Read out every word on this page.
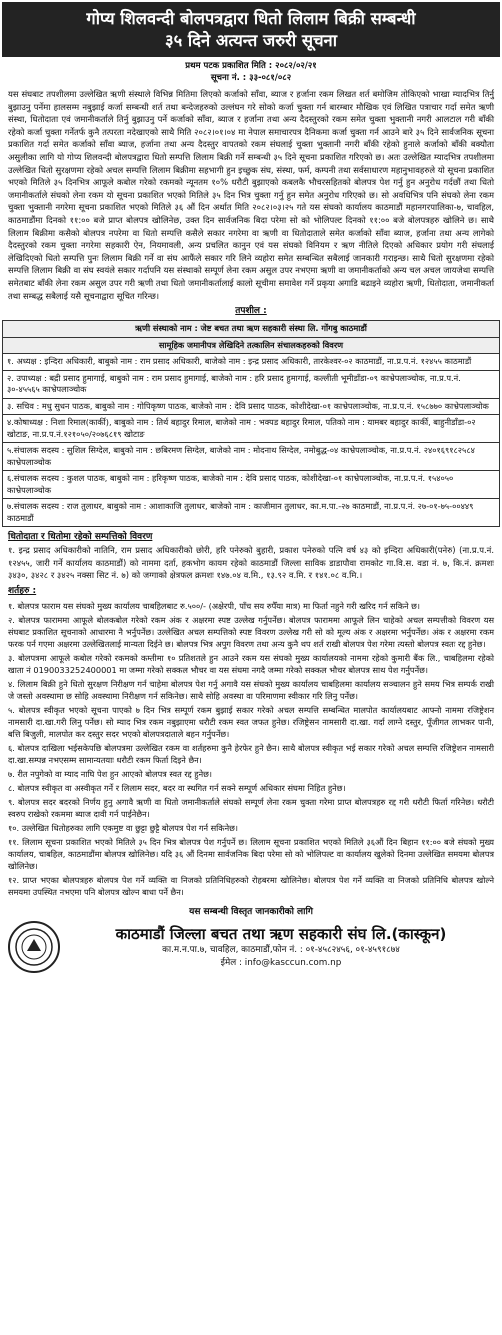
गोप्य शिलवन्दी बोलपत्रद्वारा धितो लिलाम बिक्री सम्बन्धी
३५ दिने अत्यन्त जरुरी सूचना
प्रथम पटक प्रकाशित मिति : २०८२/०२/२१
सूचना नं. : ३३-०८१/०८२
यस संघबाट तपशीलमा उल्लेखित ऋणी संस्थाले विभिन्न मितिमा लिएको कर्जाको साँवा, ब्याज र हर्जाना रकम लिखत शर्त बमोजिम तोकिएको भाखा म्यादभित्र तिर्नु बुझाउनु पर्नेमा हालसम्म नबुझाई कर्जा सम्बन्धी शर्त तथा बन्देजहरुको उल्लंघन गरे सोको कर्जा चुक्ता गर्न बारम्बार मौखिक एवं लिखित पत्राचार गर्दा समेत ऋणी संस्था, धितोदाता एवं जमानीकर्ताले तिर्नु बुझाउनु पर्ने कर्जाको साँवा, ब्याज र हर्जाना तथा अन्य दैदस्तुरको रकम समेत चुक्ता भुक्तानी नगरी आलटाल गरी बाँकी रहेको कर्जा चुक्ता गर्नेतर्फ कुनै तत्परता नदेखाएको साथै मिति २०८२।०१।०४ मा नेपाल समाचारपत्र दैनिकमा कर्जा चुक्ता गर्न आउने बारे ३५ दिने सार्वजनिक सूचना प्रकाशित गर्दा समेत कर्जाको साँवा ब्याज, हर्जाना तथा अन्य दैदस्तुर वापतको रकम संघलाई चुक्ता भुक्तानी नगरी बाँकी रहेको हुनाले कर्जाको बाँकी बक्यौता असुलीका लागि यो गोप्य शिलवन्दी बोलपत्रद्वारा धितो सम्पत्ति लिलाम बिक्री गर्ने सम्बन्धी ३५ दिने सूचना प्रकाशित गरिएको छ। अतः उल्लेखित म्यादभित्र तपशीलमा उल्लेखित धितो सुरक्षणमा रहेको अचल सम्पत्ति लिलाम बिक्रीमा सहभागी हुन इच्छुक संघ, संस्था, फर्म, कम्पनी तथा सर्वसाधारण महानुभावहरुले यो सूचना प्रकाशित भएको मितिले ३५ दिनभित्र आफूले कबोल गरेको रकमको न्यूनतम १०% धरौटी बुझाएको कबलकै भौचरसहितको बोलपत्र पेश गर्नु हुन अनुरोध गर्दछौं तथा धितो जमानीकर्ताले संघको लेना रकम यो सूचना प्रकाशित भएको मितिले ३५ दिन भित्र चुक्ता गर्नु हुन समेत अनुरोध गरिएको छ। सो अवधिभित्र पनि संघको लेना रकम चुक्ता भुक्तानी नगरेमा सूचना प्रकाशित भएको मितिले ३६ औं दिन अर्थात मिति २०८२।०३।२५ गते यस संघको कार्यालय काठमाडौं महानगरपालिका-७, चावहिल, काठमाडौंमा दिनको ११:०० बजे प्राप्त बोलपत्र खोलिनेछ, उक्त दिन सार्वजनिक बिदा परेमा सो को भोलिपल्ट दिनको ११:०० बजे बोलपत्रहरु खोलिने छ। साथै लिलाम बिक्रीमा कसैको बोलपत्र नपरेमा वा धितो सम्पत्ति कसैले सकार नगरेमा वा ऋणी वा धितोदाताले समेत कर्जाको साँवा ब्याज, हर्जाना तथा अन्य लागेको दैदस्तुरको रकम चुक्ता नगरेमा सहकारी ऐन, नियमावली, अन्य प्रचलित कानुन एवं यस संघको विनियम र ऋण नीतिले दिएको अधिकार प्रयोग गरी संघलाई लेखिदिएको धितो सम्पत्ति पुनः लिलाम बिक्री गर्ने वा संघ आफैंले सकार गरि लिने व्यहोरा समेत सम्बन्धित सबैलाई जानकारी गराइन्छ। साथै धितो सुरक्षणमा रहेको सम्पत्ति लिलाम बिक्री वा संघ स्वयंले सकार गर्दापनि यस संस्थाको सम्पूर्ण लेना रकम असुल उपर नभएमा ऋणी वा जमानीकर्ताको अन्य चल अचल जायजेथा सम्पत्ति समेतबाट बाँकी लेना रकम असुल उपर गरी ऋणी तथा धितो जमानीकर्तालाई कालो सूचीमा समावेश गर्ने प्रकृया अगाडि बढाइने व्यहोरा ऋणी, धितोदाता, जमानीकर्ता तथा सम्बद्ध सबैलाई यसै सूचनाद्वारा सूचित गरिन्छ।
तपशील :
ऋणी संस्थाको नाम : जेष्ट बचत तथा ऋण सहकारी संस्था लि. गोंगबु काठमाडौं
सामूहिक जमानीपत्र लेखिदिने तत्कालिन संचालकहरुको विवरण
१. अध्यक्ष : इन्दिरा अधिकारी, बाबुको नाम : राम प्रसाद अधिकारी, बाजेको नाम : इन्द्र प्रसाद अधिकारी, तारकेश्वर-०२ काठमाडौं, ना.प्र.प.नं. १२४५५ काठमाडौं
२. उपाध्यक्ष : बद्री प्रसाद हुमागाई, बाबुको नाम : राम प्रसाद हुमागाई, बाजेको नाम : हरि प्रसाद हुमागाई, कल्लीती भूमीडाँडा-०९ काभ्रेपलाञ्चोक, ना.प्र.प.नं. ३०-४५५६५ काभ्रेपलाञ्चोक
३. सचिव : मधु सुधन पाठक, बाबुको नाम : गोपिकृष्ण पाठक, बाजेको नाम : देवि प्रसाद पाठक, कोशीदेखा-०१ काभ्रेपलाञ्चोक, ना.प्र.प.नं. १५८७७० काभ्रेपलाञ्चोक
४.कोषाध्यक्ष : निशा रिमाल(कार्की), बाबुको नाम : तिर्थ बहादुर रिमाल, बाजेको नाम : भक्पड बहादुर रिमाल, पतिको नाम : यामबर बहादुर कार्की, बाहुनीडाँडा-०२ खोटाङ, ना.प्र.प.नं.१२१०५०/२०७६८१९ खोटाङ
५.संचालक सदस्य : सुशिल सिग्देल, बाबुको नाम : छबिरमण सिग्देल, बाजेको नाम : मोदनाथ सिग्देल, नमोबुद्ध-०४ काभ्रेपलाञ्चोक, ना.प्र.प.नं. २४०१६९१८२५८४ काभ्रेपलाञ्चोक
६.संचालक सदस्य : कुशल पाठक, बाबुको नाम : हरिकृष्ण पाठक, बाजेको नाम : देवि प्रसाद पाठक, कोशीदेखा-०१ काभ्रेपलाञ्चोक, ना.प्र.प.नं. १५४०५० काभ्रेपलाञ्चोक
७.संचालक सदस्य : राज तुलाधर, बाबुको नाम : आशाकाजि तुलाधर, बाजेको नाम : काजीमान तुलाधर, का.म.पा.-२७ काठमाडौं, ना.प्र.प.नं. २७-०१-७५-००४४९ काठमाडौं
धितोदाता र धितोमा रहेको सम्पत्तिको विवरण
१. इन्द्र प्रसाद अधिकारीको नातिनि, राम प्रसाद अधिकारीको छोरी, हरि पनेरुको बुहारी, प्रकाश पनेरुको पत्नि वर्ष ४३ को इन्दिरा अधिकारी(पनेरु) (ना.प्र.प.नं. १२४५५, जारी गर्ने कार्यालय काठमाडौं) को नाममा दर्ता, हकभोग कायम रहेको काठमाडौं जिल्ला साविक डाडापौवा रामकोट गा.वि.स. वडा नं. ७, कि.नं. क्रमशः ३४३०, ३४२८ र ३४२५ नक्सा सिट नं. ७) को जग्गाको क्षेत्रफल क्रमशः १४७.०४ व.मि., १३.९२ व.मि. र १४१.०८ व.मि.।
शर्तहरु :
१. बोलपत्र फाराम यस संघको मुख्य कार्यालय चाबहिलबाट रु.५००/- (अक्षेरपी, पाँच सय रुपैँया मात्र) मा फिर्ता नहुने गरी खरिद गर्न सकिने छ।
२. बोलपत्र फाराममा आफूले बोलकबोल गरेको रकम अंक र अक्षरमा स्पष्ट उल्लेख गर्नुपर्नेछ। बोलपत्र फाराममा आफूले लिन चाहेको अचल सम्पत्तीको विवरण यस संघबाट प्रकाशित सूचनाको आधारमा नै भर्नुपर्नेछ। उल्लेखित अचल सम्पत्तिको स्पष्ट विवरण उल्लेख गरी सो को मूल्य अंक र अक्षरमा भर्नुपर्नेछ। अंक र अक्षरमा रकम फरक पर्न गएमा अक्षरमा उल्लेखितलाई मान्यता दिईने छ। बोलपत्र भित्र अपुग विवरण तथा अन्य कुनै थप शर्त राखी बोलपत्र पेश गरेमा त्यस्तो बोलपत्र स्वतः रद्द हुनेछ।
३. बोलपत्रमा आफूले कबोल गरेको रकमको कम्तीमा १० प्रतिशतले हुन आउने रकम यस संघको मुख्य कार्यालयको नाममा रहेको कुमारी बैंक लि., चाबहिलमा रहेको खाता नं 0190033252400001 मा जम्मा गरेको सक्कल भौचर वा यस संघमा नगदै जम्मा गरेको सक्कल भौचर बोलपत्र साथ पेश गर्नुपर्नेछ।
४. लिलाम बिक्री हुने धितो सुरक्षण निरीक्षण गर्न चाहेमा बोलपत्र पेश गर्नु अगावै यस संघको मुख्य कार्यालय चाबहिलमा कार्यालय सञ्चालन हुने समय भित्र सम्पर्क राखी जे जस्तो अवस्थामा छ सोहि अवस्थामा निरीक्षण गर्न सकिनेछ। साथै सोहि अवस्था वा परिमाणमा स्वीकार गरि लिनु पर्नेछ।
५. बोलपत्र स्वीकृत भएको सूचना पाएको ७ दिन भित्र सम्पूर्ण रकम बुझाई सकार गरेको अचल सम्पत्ति सम्बन्धित मालपोत कार्यालयबाट आफ्नो नाममा रजिष्ट्रेशन नामसारी दा.खा.गरी लिनु पर्नेछ। सो म्याद भित्र रकम नबुझाएमा धरौटी रकम स्वत जफत हुनेछ। रजिष्ट्रेसन नामसारी दा.खा. गर्दा लाग्ने दस्तुर, पूँजीगत लाभकर पानी, बत्ति बिजुली, मालपोत कर दस्तुर सदर भएको बोलपत्रदाताले बहन गर्नुपर्नेछ।
६. बोलपत्र दाखिला भईसकेपछि बोलपत्रमा उल्लेखित रकम वा शर्तहरुमा कुनै हेरफेर हुने छैन। साथै बोलपत्र स्वीकृत भई सकार गरेको अचल सम्पत्ति रजिष्ट्रेशन नामसारी दा.खा.सम्पन्न नभएसम्म सामान्यतयाः धरौटी रकम फिर्ता दिइने छैन।
७. रीत नपुगेको वा म्याद नाघि पेश हुन आएको बोलपत्र स्वत रद्द हुनेछ।
८. बोलपत्र स्वीकृत वा अस्वीकृत गर्ने र लिलाम सदर, बदर वा स्थगित गर्न सक्ने सम्पूर्ण अधिकार संघमा निहित हुनेछ।
९. बोलपत्र सदर बदरको निर्णय हुनु अगावै ऋणी वा धितो जमानीकर्ताले संघको सम्पूर्ण लेना रकम चुक्ता गरेमा प्राप्त बोलपत्रहरु रद्द गरी धरौटी फिर्ता गरिनेछ। धरौटी स्वरुप राखेको रकममा ब्याज दावी गर्न पाईनेछैन।
१०. उल्लेखित धितोहरुका लागि एकमुष्ट वा छुट्टा छुट्टै बोलपत्र पेश गर्न सकिनेछ।
११. लिलाम सूचना प्रकाशित भएको मितिले ३५ दिन भित्र बोलपत्र पेश गर्नुपर्ने छ। लिलाम सूचना प्रकाशित भएको मितिले ३६औं दिन बिहान ११:०० बजे संघको मुख्य कार्यालय, चाबहिल, काठमाडौंमा बोलपत्र खोलिनेछ। यदि ३६ औं दिनमा सार्वजनिक बिदा परेमा सो को भोलिपल्ट वा कार्यालय खुलेको दिनमा उल्लेखित समयमा बोलपत्र खोलिनेछ।
१२. प्राप्त भएका बोलपत्रहरु बोलपत्र पेश गर्ने व्यक्ति वा निजको प्रतिनिधिहरुको रोहबरमा खोलिनेछ। बोलपत्र पेश गर्ने व्यक्ति वा निजको प्रतिनिधि बोलपत्र खोल्ने समयमा उपस्थित नभएमा पनि बोलपत्र खोल्न बाधा पर्ने छैन।
यस सम्बन्धी विस्तृत जानकारीको लागि
काठमाडौं जिल्ला बचत तथा ऋण सहकारी संघ लि.(कास्कून)
का.म.न.पा.७, चावहिल, काठमाडौं,फोन नं. : ०१-४५८२४५६, ०१-४५९१८७४
ईमेल : info@kasccun.com.np
